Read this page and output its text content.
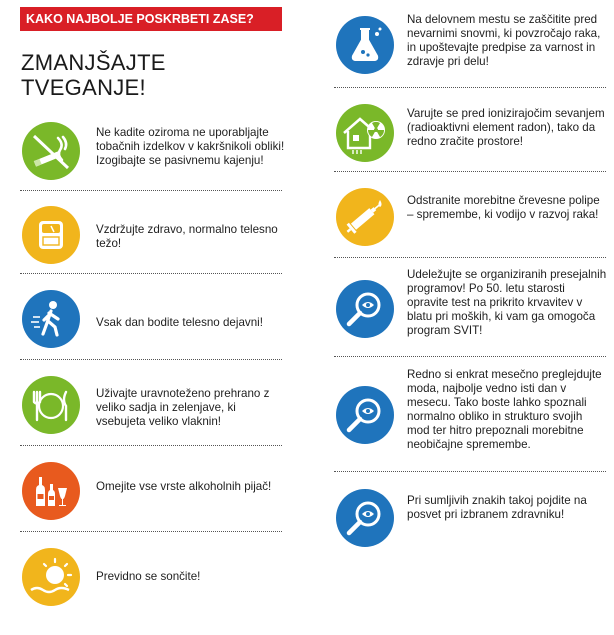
KAKO NAJBOLJE POSKRBETI ZASE?
ZMANJŠAJTE
TVEGANJE!
Ne kadite oziroma ne uporabljajte tobačnih izdelkov v kakršnikoli obliki! Izogibajte se pasivnemu kajenju!
Vzdržujte zdravo, normalno telesno težo!
Vsak dan bodite telesno dejavni!
Uživajte uravnoteženo prehrano z veliko sadja in zelenjave, ki vsebujeta veliko vlaknin!
Omejite vse vrste alkoholnih pijač!
Previdno se sončite!
Na delovnem mestu se zaščitite pred nevarnimi snovmi, ki povzročajo raka, in upoštevajte predpise za varnost in zdravje pri delu!
Varujte se pred ionizirajočim sevanjem (radioaktivni element radon), tako da redno zračite prostore!
Odstranite morebitne črevesne polipe – spremembe, ki vodijo v razvoj raka!
Udeležujte se organiziranih presejalnih programov! Po 50. letu starosti opravite test na prikrito krvavitev v blatu pri moških, ki vam ga omogoča program SVIT!
Redno si enkrat mesečno preglejdujte moda, najbolje vedno isti dan v mesecu. Tako boste lahko spoznali normalno obliko in strukturo svojih mod ter hitro prepoznali morebitne neobičajne spremembe.
Pri sumljivih znakih takoj pojdite na posvet pri izbranem zdravniku!
